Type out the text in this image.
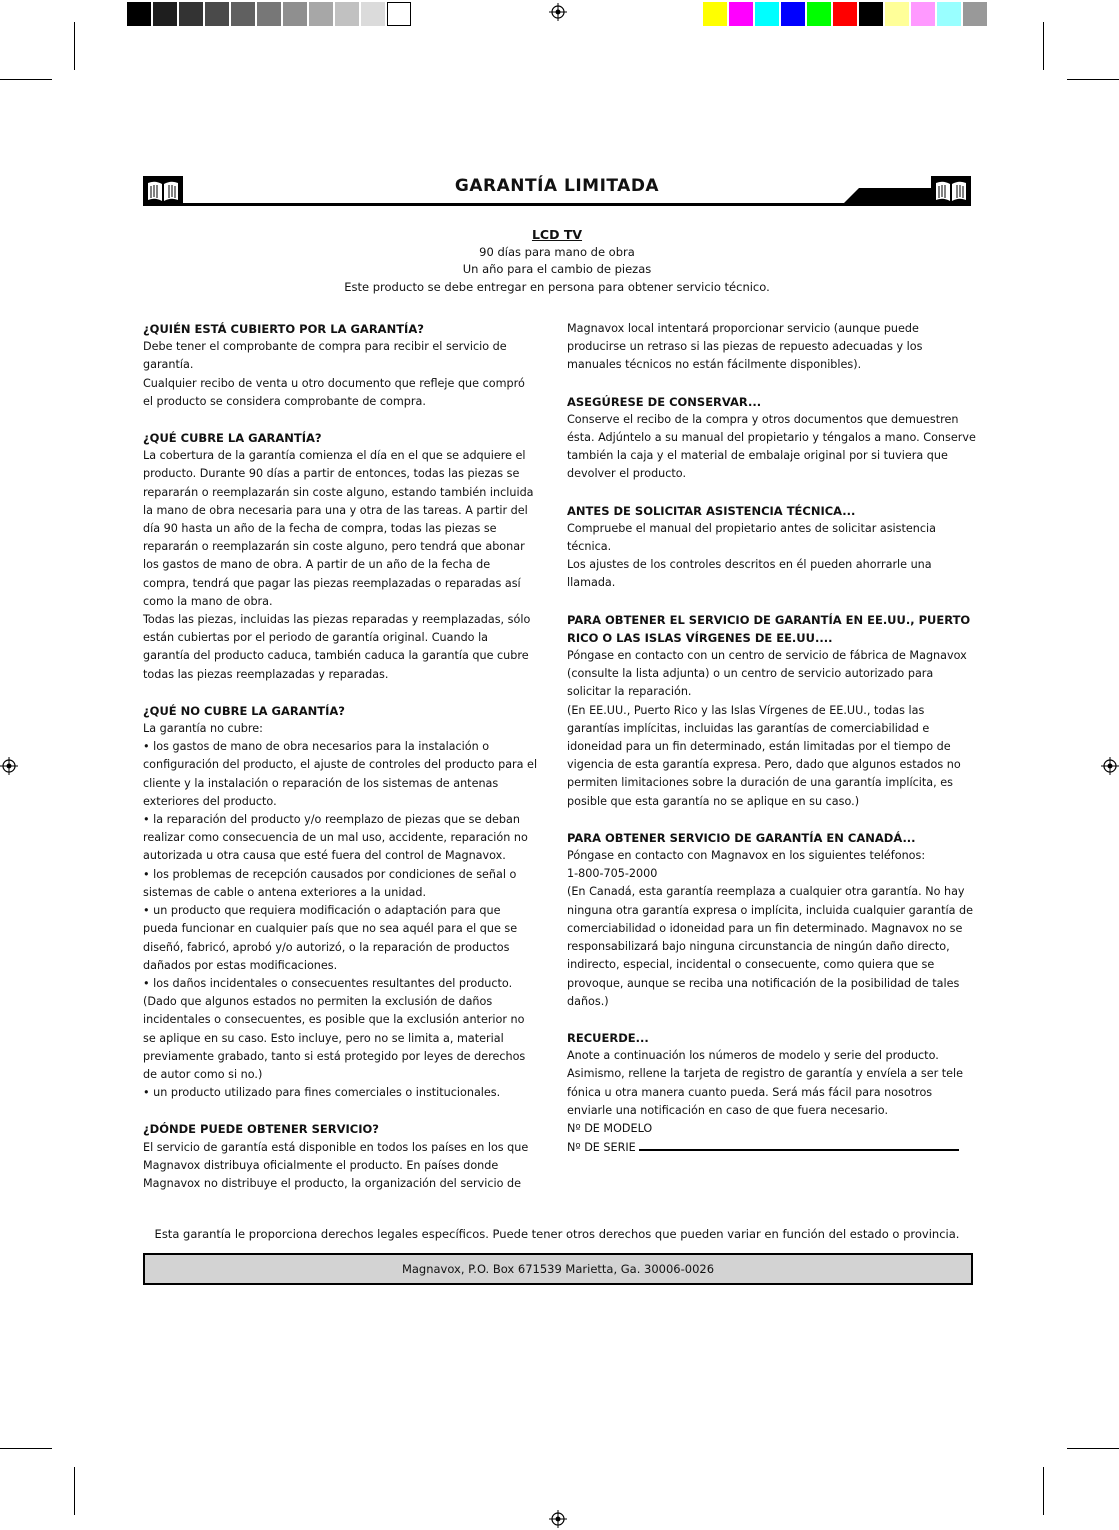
GARANTÍA LIMITADA
LCD TV
90 días para mano de obra
Un año para el cambio de piezas
Este producto se debe entregar en persona para obtener servicio técnico.
¿QUIÉN ESTÁ CUBIERTO POR LA GARANTÍA?

Debe tener el comprobante de compra para recibir el servicio de garantía.

Cualquier recibo de venta u otro documento que refleje que compró el producto se considera comprobante de compra.

¿QUÉ CUBRE LA GARANTÍA?

La cobertura de la garantía comienza el día en el que se adquiere el producto. Durante 90 días a partir de entonces, todas las piezas se repararán o reemplazarán sin coste alguno, estando también incluida la mano de obra necesaria para una y otra de las tareas. A partir del día 90 hasta un año de la fecha de compra, todas las piezas se repararán o reemplazarán sin coste alguno, pero tendrá que abonar los gastos de mano de obra. A partir de un año de la fecha de compra, tendrá que pagar las piezas reemplazadas o reparadas así como la mano de obra.

Todas las piezas, incluidas las piezas reparadas y reemplazadas, sólo están cubiertas por el periodo de garantía original. Cuando la garantía del producto caduca, también caduca la garantía que cubre todas las piezas reemplazadas y reparadas.

¿QUÉ NO CUBRE LA GARANTÍA?

La garantía no cubre:

• los gastos de mano de obra necesarios para la instalación o configuración del producto, el ajuste de controles del producto para el cliente y la instalación o reparación de los sistemas de antenas exteriores del producto.

• la reparación del producto y/o reemplazo de piezas que se deban realizar como consecuencia de un mal uso, accidente, reparación no autorizada u otra causa que esté fuera del control de Magnavox.

• los problemas de recepción causados por condiciones de señal o sistemas de cable o antena exteriores a la unidad.

• un producto que requiera modificación o adaptación para que pueda funcionar en cualquier país que no sea aquél para el que se diseñó, fabricó, aprobó y/o autorizó, o la reparación de productos dañados por estas modificaciones.

• los daños incidentales o consecuentes resultantes del producto. (Dado que algunos estados no permiten la exclusión de daños incidentales o consecuentes, es posible que la exclusión anterior no se aplique en su caso. Esto incluye, pero no se limita a, material previamente grabado, tanto si está protegido por leyes de derechos de autor como si no.)

• un producto utilizado para fines comerciales o institucionales.

¿DÓNDE PUEDE OBTENER SERVICIO?

El servicio de garantía está disponible en todos los países en los que Magnavox distribuya oficialmente el producto. En países donde Magnavox no distribuye el producto, la organización del servicio de

Magnavox local intentará proporcionar servicio (aunque puede producirse un retraso si las piezas de repuesto adecuadas y los manuales técnicos no están fácilmente disponibles).

ASEGÚRESE DE CONSERVAR...

Conserve el recibo de la compra y otros documentos que demuestren ésta. Adjúntelo a su manual del propietario y téngalos a mano. Conserve también la caja y el material de embalaje original por si tuviera que devolver el producto.

ANTES DE SOLICITAR ASISTENCIA TÉCNICA...

Compruebe el manual del propietario antes de solicitar asistencia técnica.

Los ajustes de los controles descritos en él pueden ahorrarle una llamada.

PARA OBTENER EL SERVICIO DE GARANTÍA EN EE.UU., PUERTO RICO O LAS ISLAS VÍRGENES DE EE.UU....

Póngase en contacto con un centro de servicio de fábrica de Magnavox (consulte la lista adjunta) o un centro de servicio autorizado para solicitar la reparación.

(En EE.UU., Puerto Rico y las Islas Vírgenes de EE.UU., todas las garantías implícitas, incluidas las garantías de comerciabilidad e idoneidad para un fin determinado, están limitadas por el tiempo de vigencia de esta garantía expresa. Pero, dado que algunos estados no permiten limitaciones sobre la duración de una garantía implícita, es posible que esta garantía no se aplique en su caso.)

PARA OBTENER SERVICIO DE GARANTÍA EN CANADÁ...

Póngase en contacto con Magnavox en los siguientes teléfonos:

1-800-705-2000

(En Canadá, esta garantía reemplaza a cualquier otra garantía. No hay ninguna otra garantía expresa o implícita, incluida cualquier garantía de comerciabilidad o idoneidad para un fin determinado. Magnavox no se responsabilizará bajo ninguna circunstancia de ningún daño directo, indirecto, especial, incidental o consecuente, como quiera que se provoque, aunque se reciba una notificación de la posibilidad de tales daños.)

RECUERDE...

Anote a continuación los números de modelo y serie del producto. Asimismo, rellene la tarjeta de registro de garantía y envíela a ser tele fónica u otra manera cuanto pueda. Será más fácil para nosotros enviarle una notificación en caso de que fuera necesario.

Nº DE MODELO

Nº DE SERIE

Esta garantía le proporciona derechos legales específicos. Puede tener otros derechos que pueden variar en función del estado o provincia.
Magnavox, P.O. Box 671539 Marietta, Ga. 30006-0026
